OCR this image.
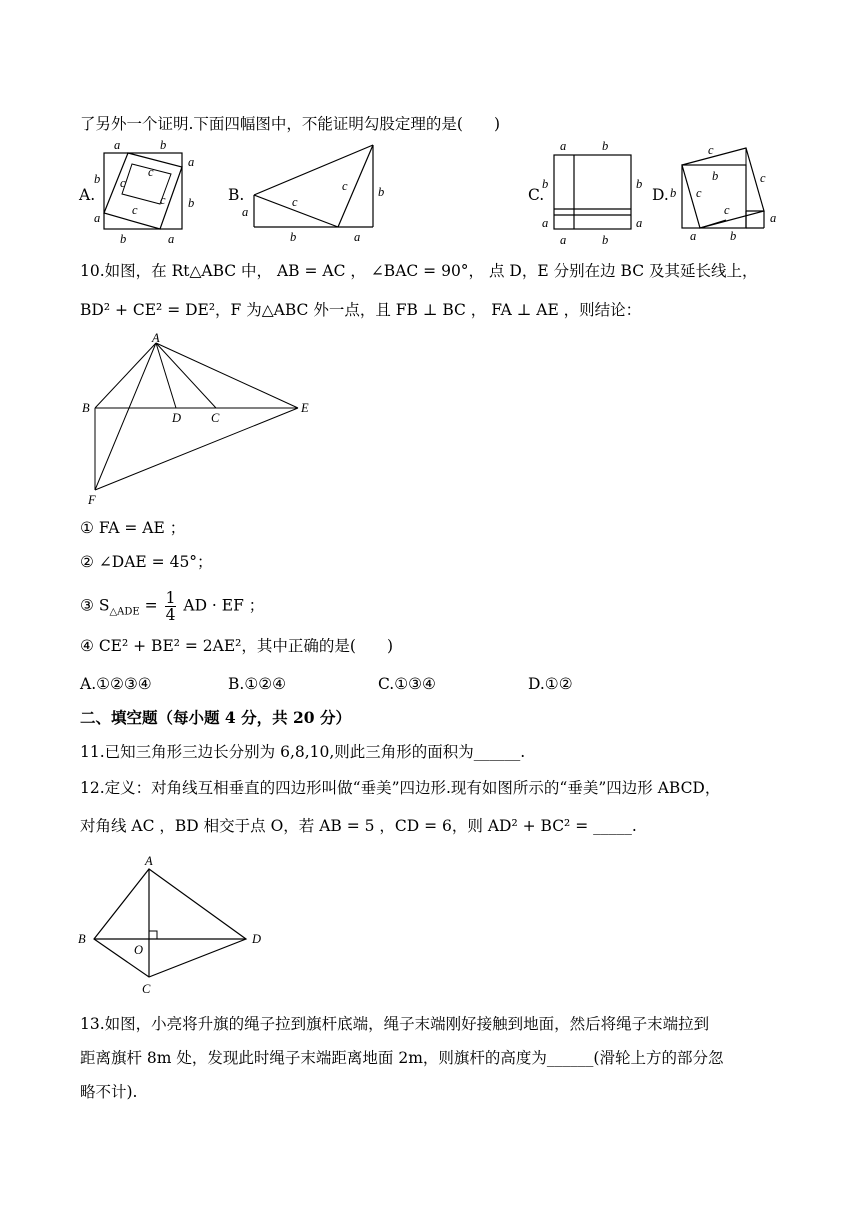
了另外一个证明.下面四幅图中，不能证明勾股定理的是(　　)
A.
a	b
a
b
b
a
b	a
c
c
c
c
B.
a
c
c b
b	a
C.
a	b
b	b
a	a
a	b
D. b
c
c
b
c
c
a
a	b
10.如图，在 Rt△ABC 中， AB = AC ， ∠BAC = 90°， 点 D，E 分别在边 BC 及其延长线上，
BD² + CE² = DE²，F 为△ABC 外一点，且 FB ⊥ BC ， FA ⊥ AE ，则结论：
A
B
D C
E
F
① FA = AE ；
② ∠DAE = 45°；
③ $S_{\triangle ADE} = \frac{1}{4}$ AD · EF ；
④ CE² + BE² = 2AE²，其中正确的是(　　)
A.①②③④	B.①②④	C.①③④	D.①②
二、填空题（每小题 4 分，共 20 分）
11.已知三角形三边长分别为 6,8,10,则此三角形的面积为______.
12.定义：对角线互相垂直的四边形叫做“垂美”四边形.现有如图所示的“垂美”四边形 ABCD，
对角线 AC ，BD 相交于点 O，若 AB = 5 ，CD = 6，则 AD² + BC² = _____.
A
B	D
O
C
13.如图，小亮将升旗的绳子拉到旗杆底端，绳子末端刚好接触到地面，然后将绳子末端拉到
距离旗杆 8m 处，发现此时绳子末端距离地面 2m，则旗杆的高度为______(滑轮上方的部分忽
略不计).
